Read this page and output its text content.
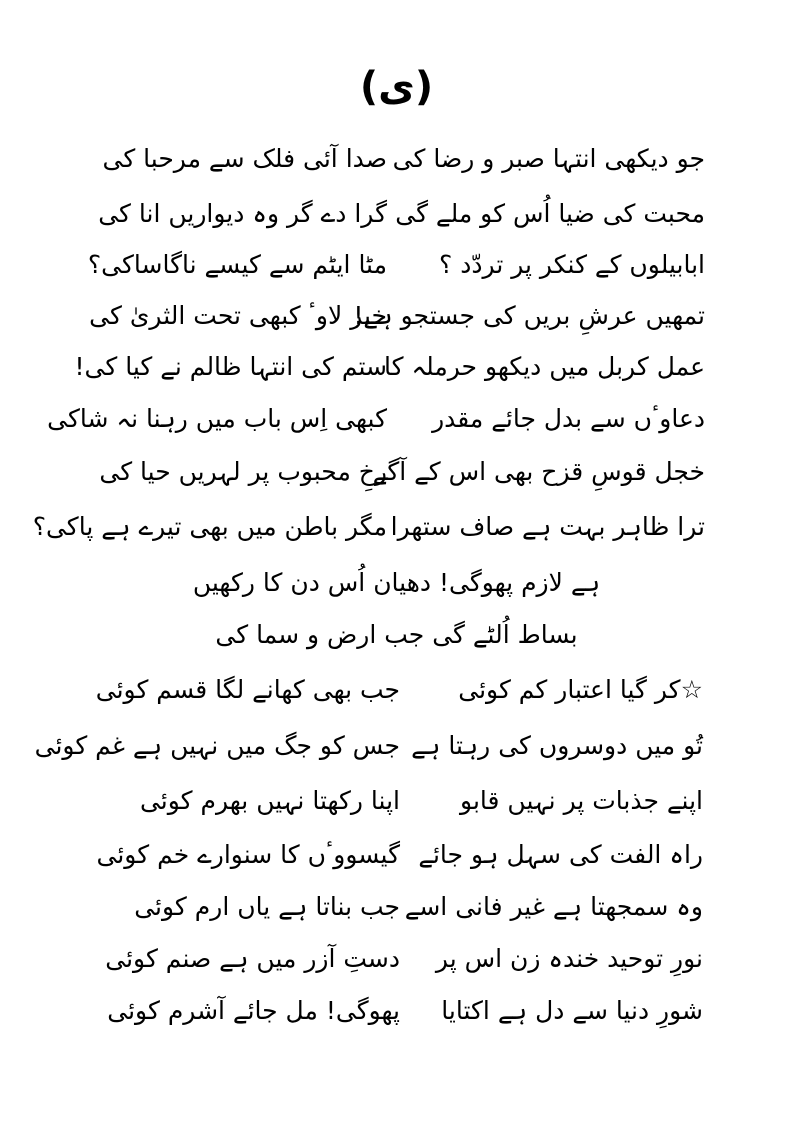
(ی)
جو دیکھی انتہا صبر و رضا کی
صدا آئی فلک سے مرحبا کی
محبت کی ضیا اُس کو ملے گی
گرا دے گر وہ دیواریں انا کی
ابابیلوں کے کنکر پر تردّد ؟
مٹا ایٹم سے کیسے ناگاساکی؟
تمھیں عرشِ بریں کی جستجو ہے!
خبر لاوٴ کبھی تحت الثریٰ کی
عمل کربل میں دیکھو حرملہ کا
ستم کی انتہا ظالم نے کیا کی!
دعاوٴں سے بدل جائے مقدر
کبھی اِس باب میں رہنا نہ شاکی
خجل قوسِ قزح بھی اس کے آگے
رخِ محبوب پر لہریں حیا کی
ترا ظاہر بہت ہے صاف ستھرا
مگر باطن میں بھی تیرے ہے پاکی؟
ہے لازم پھوگی! دھیان اُس دن کا رکھیں
بساط اُلٹے گی جب ارض و سما کی
☆کر گیا اعتبار کم کوئی
جب بھی کھانے لگا قسم کوئی
تُو میں دوسروں کی رہتا ہے
جس کو جگ میں نہیں ہے غم کوئی
اپنے جذبات پر نہیں قابو
اپنا رکھتا نہیں بھرم کوئی
راہ الفت کی سہل ہو جائے
گیسووٴں کا سنوارے خم کوئی
وہ سمجھتا ہے غیر فانی اسے
جب بناتا ہے یاں ارم کوئی
نورِ توحید خندہ زن اس پر
دستِ آزر میں ہے صنم کوئی
شورِ دنیا سے دل ہے اکتایا
پھوگی! مل جائے آشرم کوئی
